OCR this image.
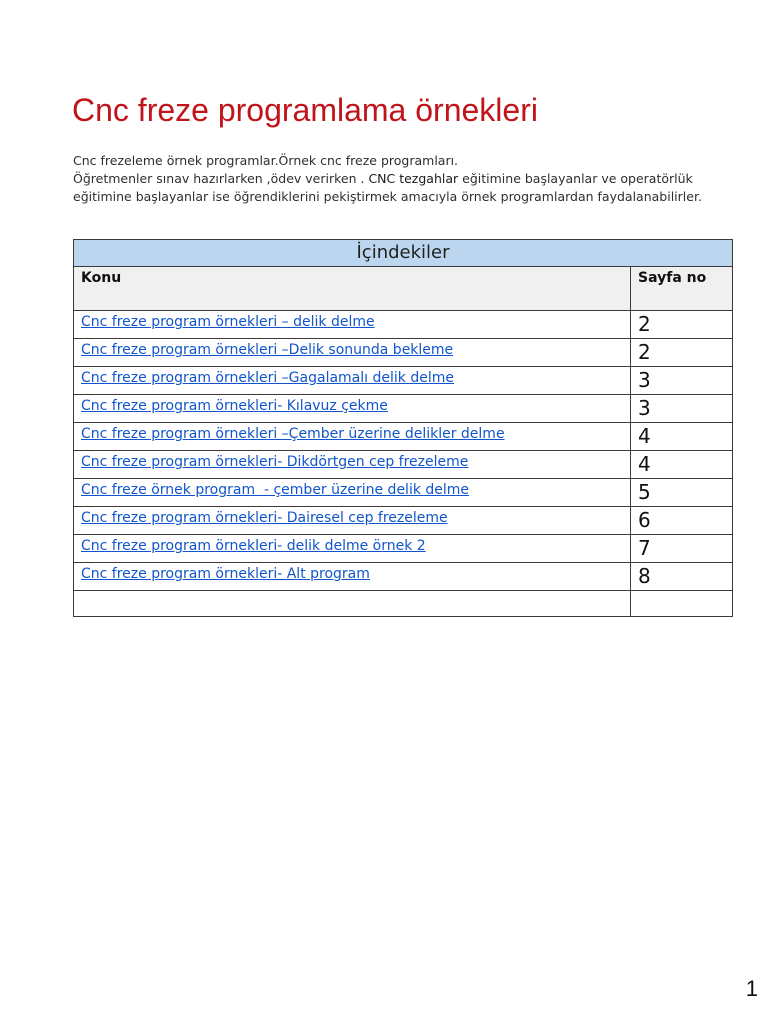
Cnc freze programlama örnekleri

Cnc frezeleme örnek programlar.Örnek cnc freze programları.

Öğretmenler sınav hazırlarken ,ödev verirken . CNC tezgahlar eğitimine başlayanlar ve operatörlük eğitimine başlayanlar ise öğrendiklerini pekiştirmek amacıyla örnek programlardan faydalanabilirler.

İçindekiler	
Konu	Sayfa no
Cnc freze program örnekleri – delik delme	2
Cnc freze program örnekleri –Delik sonunda bekleme	2
Cnc freze program örnekleri –Gagalamalı delik delme	3
Cnc freze program örnekleri- Kılavuz çekme	3
Cnc freze program örnekleri –Çember üzerine delikler delme	4
Cnc freze program örnekleri- Dikdörtgen cep frezeleme	4
Cnc freze örnek program  - çember üzerine delik delme	5
Cnc freze program örnekleri- Dairesel cep frezeleme	6
Cnc freze program örnekleri- delik delme örnek 2	7
Cnc freze program örnekleri- Alt program	8

1
